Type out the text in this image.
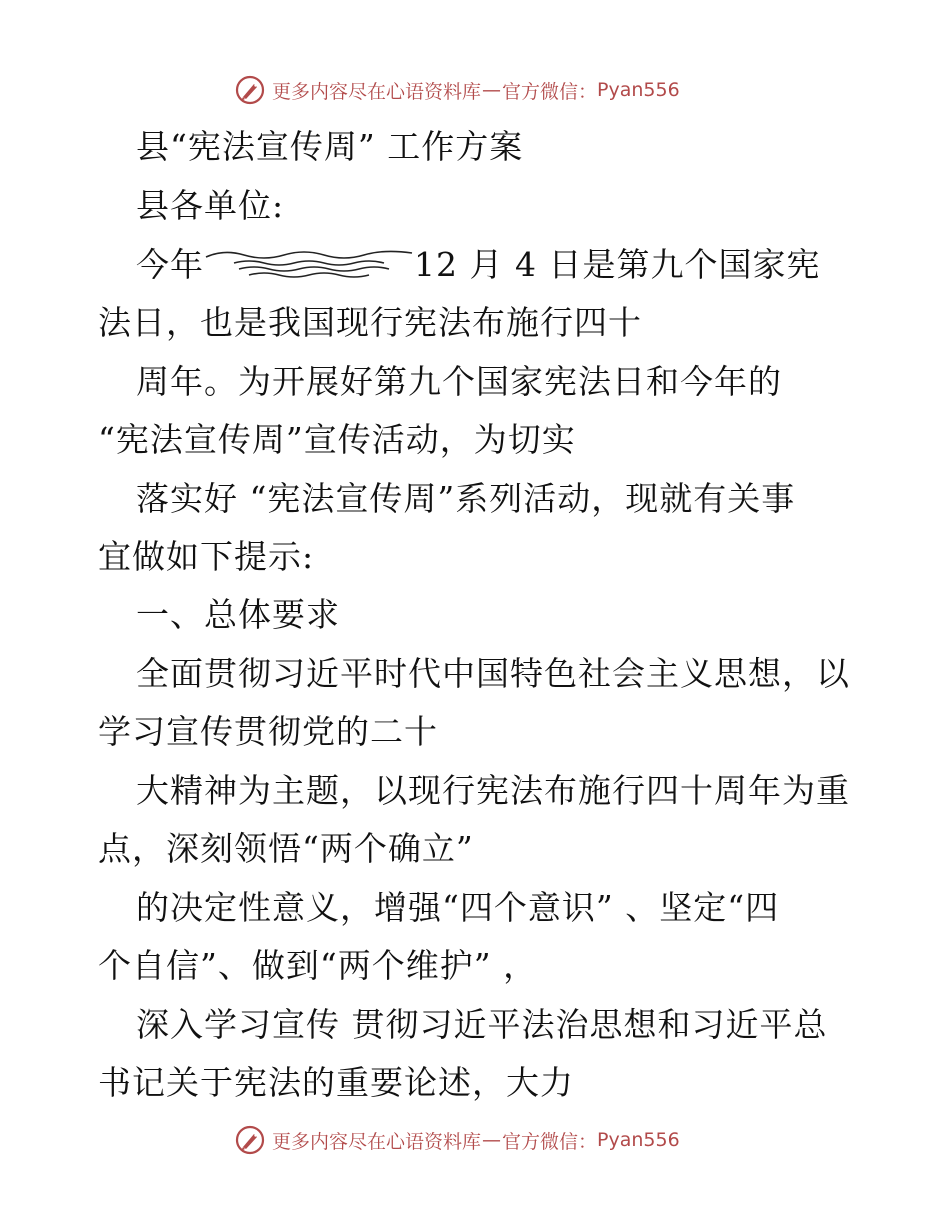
更多内容尽在心语资料库 — 官方微信： Pyan556
县“宪法宣传周” 工作方案
县各单位:
今年	12 月 4 日是第九个国家宪
法日，也是我国现行宪法布施行四十
周年。为开展好第九个国家宪法日和今年的
“宪法宣传周”宣传活动，为切实
落实好 “宪法宣传周”系列活动，现就有关事
宜做如下提示:
一、总体要求
全面贯彻习近平时代中国特色社会主义思想，以
学习宣传贯彻党的二十
大精神为主题，以现行宪法布施行四十周年为重
点，深刻领悟“两个确立”
的决定性意义，增强“四个意识” 、坚定“四
个自信”、做到“两个维护” ，
深入学习宣传 贯彻习近平法治思想和习近平总
书记关于宪法的重要论述，大力
更多内容尽在心语资料库 — 官方微信： Pyan556
